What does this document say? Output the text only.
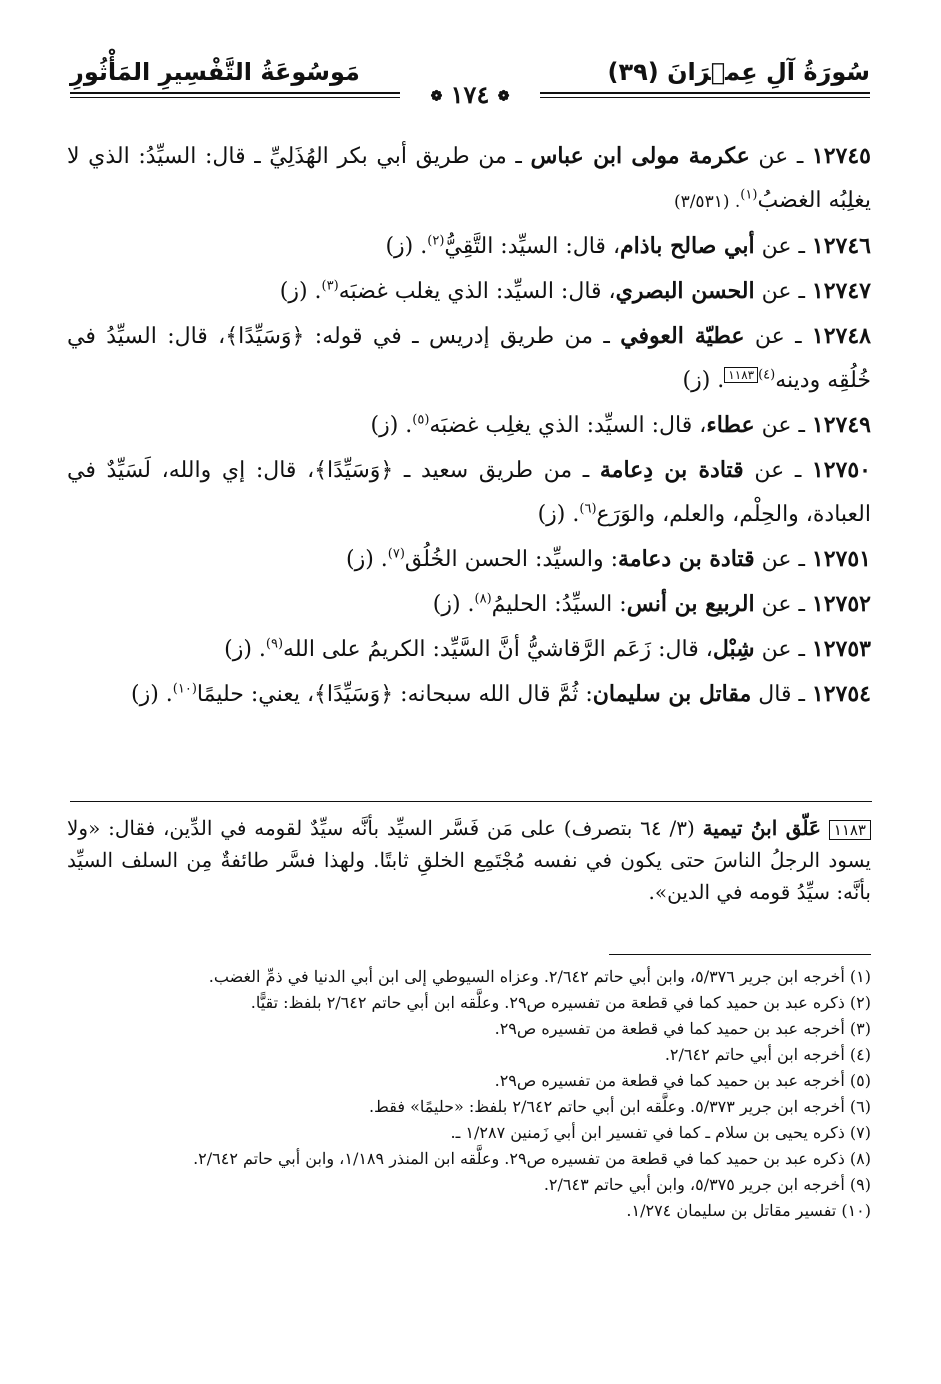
سُورَةُ آلِ عِمۡرَانَ (٣٩)
مَوسُوعَةُ التَّفْسِيرِ المَأْثُورِ
❁ ١٧٤ ❁

١٢٧٤٥ ـ عن عكرمة مولى ابن عباس ـ من طريق أبي بكر الهُذَلِيِّ ـ قال: السيِّدُ: الذي لا يغلِبُه الغضبُ$^{(١)}$. (٣/٥٣١)

١٢٧٤٦ ـ عن أبي صالح باذام، قال: السيِّد: التَّقِيُّ$^{(٢)}$. (ز)

١٢٧٤٧ ـ عن الحسن البصري، قال: السيِّد: الذي يغلب غضبَه$^{(٣)}$. (ز)

١٢٧٤٨ ـ عن عطيّة العوفي ـ من طريق إدريس ـ في قوله: ﴿وَسَيِّدًا﴾، قال: السيِّدُ في خُلُقِه ودينه$^{(٤)}$١١٨٣. (ز)

١٢٧٤٩ ـ عن عطاء، قال: السيِّد: الذي يغلِب غضبَه$^{(٥)}$. (ز)

١٢٧٥٠ ـ عن قتادة بن دِعامة ـ من طريق سعيد ـ ﴿وَسَيِّدًا﴾، قال: إي والله، لَسَيِّدٌ في العبادة، والحِلْم، والعلم، والوَرَع$^{(٦)}$. (ز)

١٢٧٥١ ـ عن قتادة بن دعامة: والسيِّد: الحسن الخُلُق$^{(٧)}$. (ز)

١٢٧٥٢ ـ عن الربيع بن أنس: السيِّدُ: الحليمُ$^{(٨)}$. (ز)

١٢٧٥٣ ـ عن شِبْل، قال: زَعَم الرَّقاشيُّ أنَّ السَّيِّد: الكريمُ على الله$^{(٩)}$. (ز)

١٢٧٥٤ ـ قال مقاتل بن سليمان: ثُمَّ قال الله سبحانه: ﴿وَسَيِّدًا﴾، يعني: حليمًا$^{(١٠)}$. (ز)

١١٨٣ عَلّق ابنُ تيمية (٣/ ٦٤ بتصرف) على مَن فَسَّر السيِّد بأنَّه سيِّدٌ لقومه في الدِّين، فقال: «ولا يسود الرجلُ الناسَ حتى يكون في نفسه مُجْتَمِع الخلقِ ثابتًا. ولهذا فسَّر طائفةٌ مِن السلف السيِّد بأنَّه: سيِّدُ قومه في الدين».

(١) أخرجه ابن جرير ٥/٣٧٦، وابن أبي حاتم ٢/٦٤٢. وعزاه السيوطي إلى ابن أبي الدنيا في ذمِّ الغضب.

(٢) ذكره عبد بن حميد كما في قطعة من تفسيره ص٢٩. وعلَّقه ابن أبي حاتم ٢/٦٤٢ بلفظ: تقيًّا.

(٣) أخرجه عبد بن حميد كما في قطعة من تفسيره ص٢٩.

(٤) أخرجه ابن أبي حاتم ٢/٦٤٢.

(٥) أخرجه عبد بن حميد كما في قطعة من تفسيره ص٢٩.

(٦) أخرجه ابن جرير ٥/٣٧٣. وعلَّقه ابن أبي حاتم ٢/٦٤٢ بلفظ: «حليمًا» فقط.

(٧) ذكره يحيى بن سلام ـ كما في تفسير ابن أبي زَمنين ١/٢٨٧ ـ.

(٨) ذكره عبد بن حميد كما في قطعة من تفسيره ص٢٩. وعلَّقه ابن المنذر ١/١٨٩، وابن أبي حاتم ٢/٦٤٢.

(٩) أخرجه ابن جرير ٥/٣٧٥، وابن أبي حاتم ٢/٦٤٣.

(١٠) تفسير مقاتل بن سليمان ١/٢٧٤.
